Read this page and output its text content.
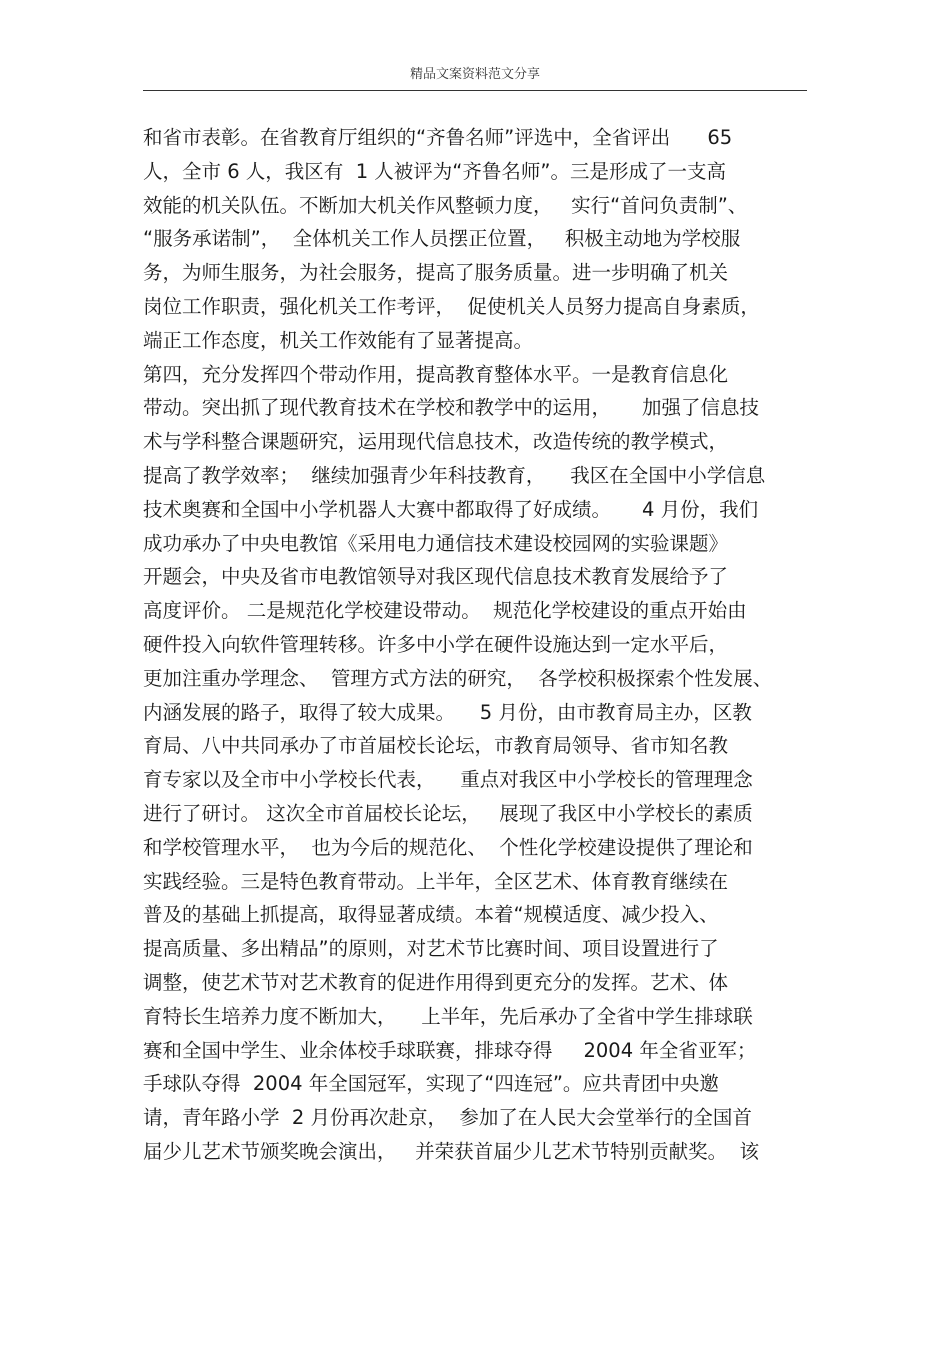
精品文案资料范文分享
和省市表彰。在省教育厅组织的“齐鲁名师”评选中，全省评出      65
人，全市 6 人，我区有  1 人被评为“齐鲁名师”。三是形成了一支高
效能的机关队伍。不断加大机关作风整顿力度，   实行“首问负责制”、
“服务承诺制”，  全体机关工作人员摆正位置，   积极主动地为学校服
务，为师生服务，为社会服务，提高了服务质量。进一步明确了机关
岗位工作职责，强化机关工作考评，  促使机关人员努力提高自身素质，
端正工作态度，机关工作效能有了显著提高。
第四，充分发挥四个带动作用，提高教育整体水平。一是教育信息化
带动。突出抓了现代教育技术在学校和教学中的运用，     加强了信息技
术与学科整合课题研究，运用现代信息技术，改造传统的教学模式，
提高了教学效率；  继续加强青少年科技教育，    我区在全国中小学信息
技术奥赛和全国中小学机器人大赛中都取得了好成绩。     4 月份，我们
成功承办了中央电教馆《采用电力通信技术建设校园网的实验课题》
开题会，中央及省市电教馆领导对我区现代信息技术教育发展给予了
高度评价。 二是规范化学校建设带动。  规范化学校建设的重点开始由
硬件投入向软件管理转移。许多中小学在硬件设施达到一定水平后，
更加注重办学理念、  管理方式方法的研究，  各学校积极探索个性发展、
内涵发展的路子，取得了较大成果。    5 月份，由市教育局主办，区教
育局、八中共同承办了市首届校长论坛，市教育局领导、省市知名教
育专家以及全市中小学校长代表，    重点对我区中小学校长的管理理念
进行了研讨。 这次全市首届校长论坛，   展现了我区中小学校长的素质
和学校管理水平，  也为今后的规范化、  个性化学校建设提供了理论和
实践经验。三是特色教育带动。上半年，全区艺术、体育教育继续在
普及的基础上抓提高，取得显著成绩。本着“规模适度、减少投入、
提高质量、多出精品”的原则，对艺术节比赛时间、项目设置进行了
调整，使艺术节对艺术教育的促进作用得到更充分的发挥。艺术、体
育特长生培养力度不断加大，    上半年，先后承办了全省中学生排球联
赛和全国中学生、业余体校手球联赛，排球夺得     2004 年全省亚军；
手球队夺得  2004 年全国冠军，实现了“四连冠”。应共青团中央邀
请，青年路小学  2 月份再次赴京，  参加了在人民大会堂举行的全国首
届少儿艺术节颁奖晚会演出，   并荣获首届少儿艺术节特别贡献奖。  该
